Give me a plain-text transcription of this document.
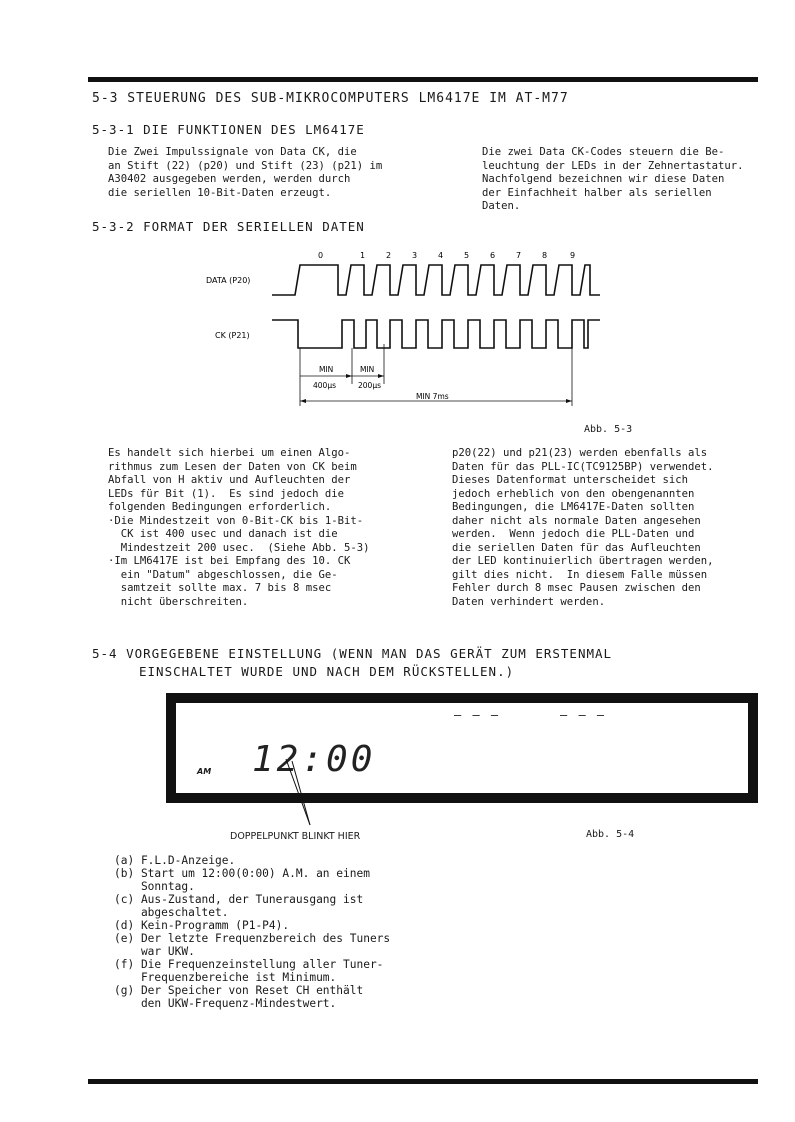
5-3 STEUERUNG DES SUB-MIKROCOMPUTERS LM6417E IM AT-M77
5-3-1 DIE FUNKTIONEN DES LM6417E
Die Zwei Impulssignale von Data CK, die
an Stift (22) (p20) und Stift (23) (p21) im
A30402 ausgegeben werden, werden durch
die seriellen 10-Bit-Daten erzeugt.
Die zwei Data CK-Codes steuern die Be-
leuchtung der LEDs in der Zehnertastatur.
Nachfolgend bezeichnen wir diese Daten
der Einfachheit halber als seriellen
Daten.
5-3-2 FORMAT DER SERIELLEN DATEN
0	1	2	3	4	5	6	7	8	9
DATA (P20)
CK (P21)
MIN
400μs
MIN
200μs
MIN 7ms
Abb. 5-3
Es handelt sich hierbei um einen Algo-
rithmus zum Lesen der Daten von CK beim
Abfall von H aktiv und Aufleuchten der
LEDs für Bit (1).  Es sind jedoch die
folgenden Bedingungen erforderlich.
·Die Mindestzeit von 0-Bit-CK bis 1-Bit-
CK ist 400 usec und danach ist die
Mindestzeit 200 usec.  (Siehe Abb. 5-3)
·Im LM6417E ist bei Empfang des 10. CK
ein "Datum" abgeschlossen, die Ge-
samtzeit sollte max. 7 bis 8 msec
nicht überschreiten.
p20(22) und p21(23) werden ebenfalls als
Daten für das PLL-IC(TC9125BP) verwendet.
Dieses Datenformat unterscheidet sich
jedoch erheblich von den obengenannten
Bedingungen, die LM6417E-Daten sollten
daher nicht als normale Daten angesehen
werden.  Wenn jedoch die PLL-Daten und
die seriellen Daten für das Aufleuchten
der LED kontinuierlich übertragen werden,
gilt dies nicht.  In diesem Falle müssen
Fehler durch 8 msec Pausen zwischen den
Daten verhindert werden.
5-4 VORGEGEBENE EINSTELLUNG (WENN MAN DAS GERÄT ZUM ERSTENMAL
EINSCHALTET WURDE UND NACH DEM RÜCKSTELLEN.)
AM 12:00
— — —	— — —
DOPPELPUNKT BLINKT HIER	Abb. 5-4
(a) F.L.D-Anzeige.
(b) Start um 12:00(0:00) A.M. an einem
Sonntag.
(c) Aus-Zustand, der Tunerausgang ist
abgeschaltet.
(d) Kein-Programm (P1-P4).
(e) Der letzte Frequenzbereich des Tuners
war UKW.
(f) Die Frequenzeinstellung aller Tuner-
Frequenzbereiche ist Minimum.
(g) Der Speicher von Reset CH enthält
den UKW-Frequenz-Mindestwert.
